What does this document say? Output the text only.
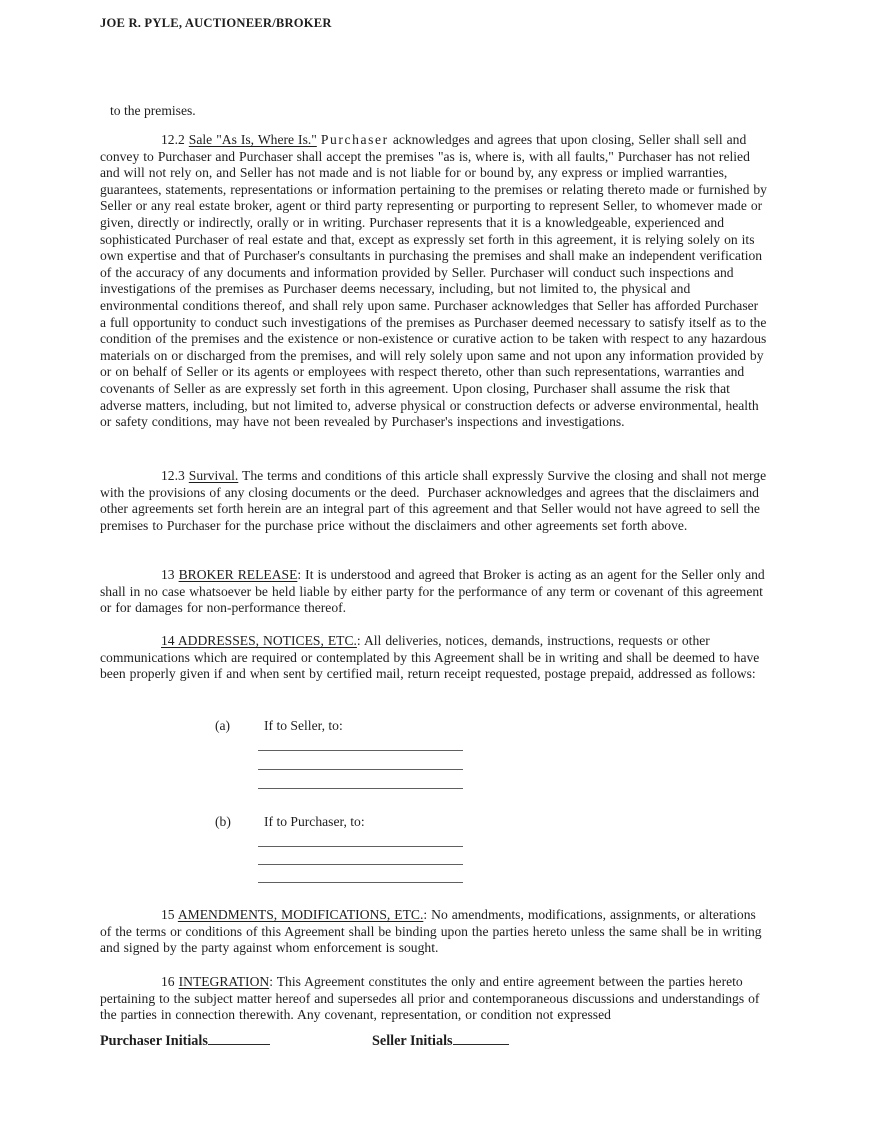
JOE R. PYLE, AUCTIONEER/BROKER
to the premises.
12.2 Sale "As Is, Where Is." Purchaser acknowledges and agrees that upon closing, Seller shall sell and convey to Purchaser and Purchaser shall accept the premises "as is, where is, with all faults," Purchaser has not relied and will not rely on, and Seller has not made and is not liable for or bound by, any express or implied warranties, guarantees, statements, representations or information pertaining to the premises or relating thereto made or furnished by Seller or any real estate broker, agent or third party representing or purporting to represent Seller, to whomever made or given, directly or indirectly, orally or in writing. Purchaser represents that it is a knowledgeable, experienced and sophisticated Purchaser of real estate and that, except as expressly set forth in this agreement, it is relying solely on its own expertise and that of Purchaser's consultants in purchasing the premises and shall make an independent verification of the accuracy of any documents and information provided by Seller. Purchaser will conduct such inspections and investigations of the premises as Purchaser deems necessary, including, but not limited to, the physical and environmental conditions thereof, and shall rely upon same. Purchaser acknowledges that Seller has afforded Purchaser a full opportunity to conduct such investigations of the premises as Purchaser deemed necessary to satisfy itself as to the condition of the premises and the existence or non-existence or curative action to be taken with respect to any hazardous materials on or discharged from the premises, and will rely solely upon same and not upon any information provided by or on behalf of Seller or its agents or employees with respect thereto, other than such representations, warranties and covenants of Seller as are expressly set forth in this agreement. Upon closing, Purchaser shall assume the risk that adverse matters, including, but not limited to, adverse physical or construction defects or adverse environmental, health or safety conditions, may have not been revealed by Purchaser's inspections and investigations.
12.3 Survival. The terms and conditions of this article shall expressly Survive the closing and shall not merge with the provisions of any closing documents or the deed.  Purchaser acknowledges and agrees that the disclaimers and other agreements set forth herein are an integral part of this agreement and that Seller would not have agreed to sell the premises to Purchaser for the purchase price without the disclaimers and other agreements set forth above.
13 BROKER RELEASE: It is understood and agreed that Broker is acting as an agent for the Seller only and shall in no case whatsoever be held liable by either party for the performance of any term or covenant of this agreement or for damages for non-performance thereof.
14 ADDRESSES, NOTICES, ETC.: All deliveries, notices, demands, instructions, requests or other communications which are required or contemplated by this Agreement shall be in writing and shall be deemed to have been properly given if and when sent by certified mail, return receipt requested, postage prepaid, addressed as follows:
(a) If to Seller, to:
(b) If to Purchaser, to:
15 AMENDMENTS, MODIFICATIONS, ETC.: No amendments, modifications, assignments, or alterations of the terms or conditions of this Agreement shall be binding upon the parties hereto unless the same shall be in writing and signed by the party against whom enforcement is sought.
16 INTEGRATION: This Agreement constitutes the only and entire agreement between the parties hereto pertaining to the subject matter hereof and supersedes all prior and contemporaneous discussions and understandings of the parties in connection therewith. Any covenant, representation, or condition not expressed
Purchaser Initials	Seller Initials
